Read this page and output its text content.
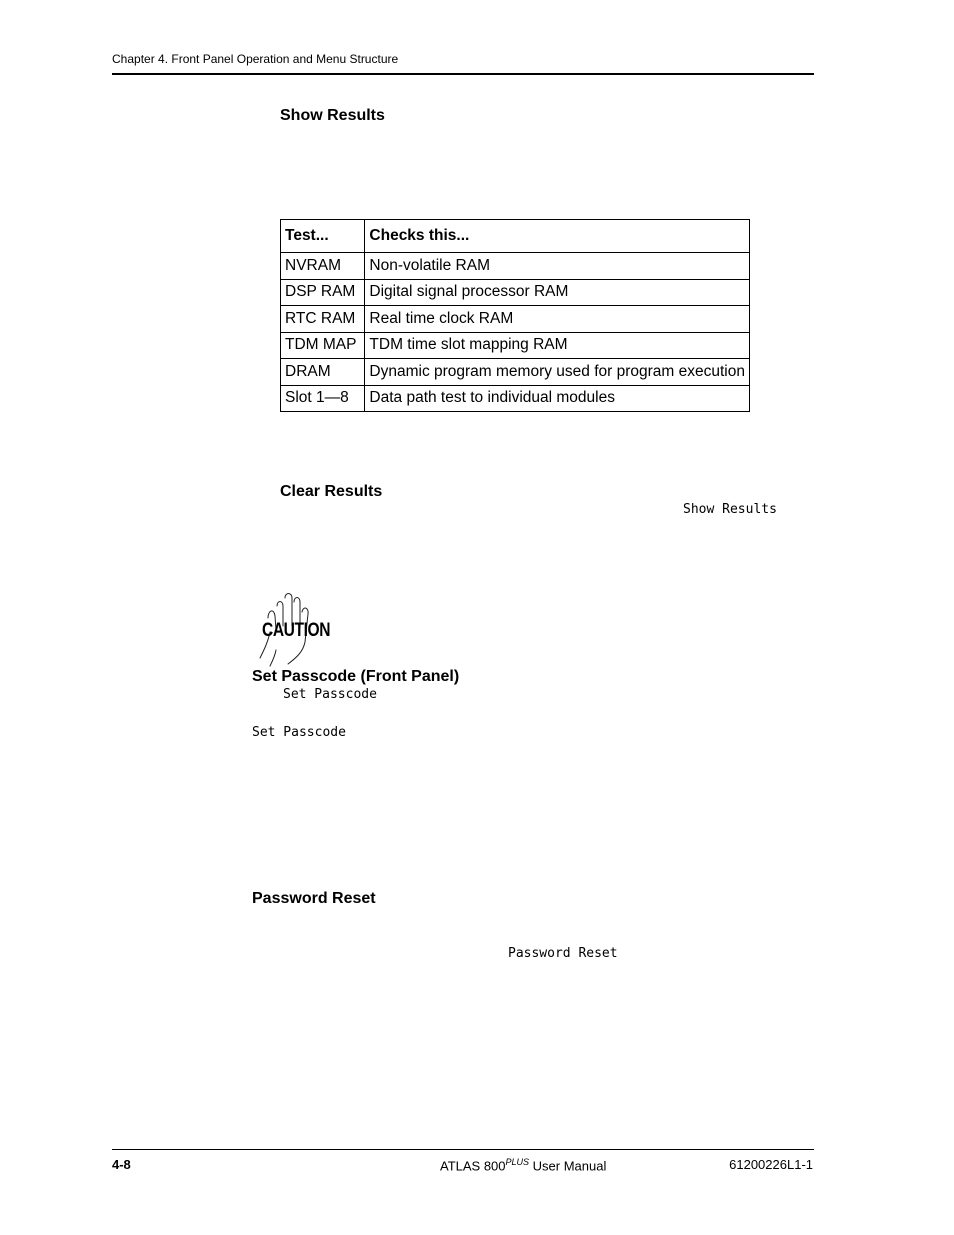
Chapter 4. Front Panel Operation and Menu Structure
Show Results
Test...	Checks this...
NVRAM	Non-volatile RAM
DSP RAM	Digital signal processor RAM
RTC RAM	Real time clock RAM
TDM MAP	TDM time slot mapping RAM
DRAM	Dynamic program memory used for program execution
Slot 1—8	Data path test to individual modules
Clear Results
Show Results
CAUTION
Set Passcode (Front Panel)
Set Passcode
Set Passcode
Password Reset
Password Reset
4-8	ATLAS $800^{PLUS}$ User Manual	61200226L1-1
